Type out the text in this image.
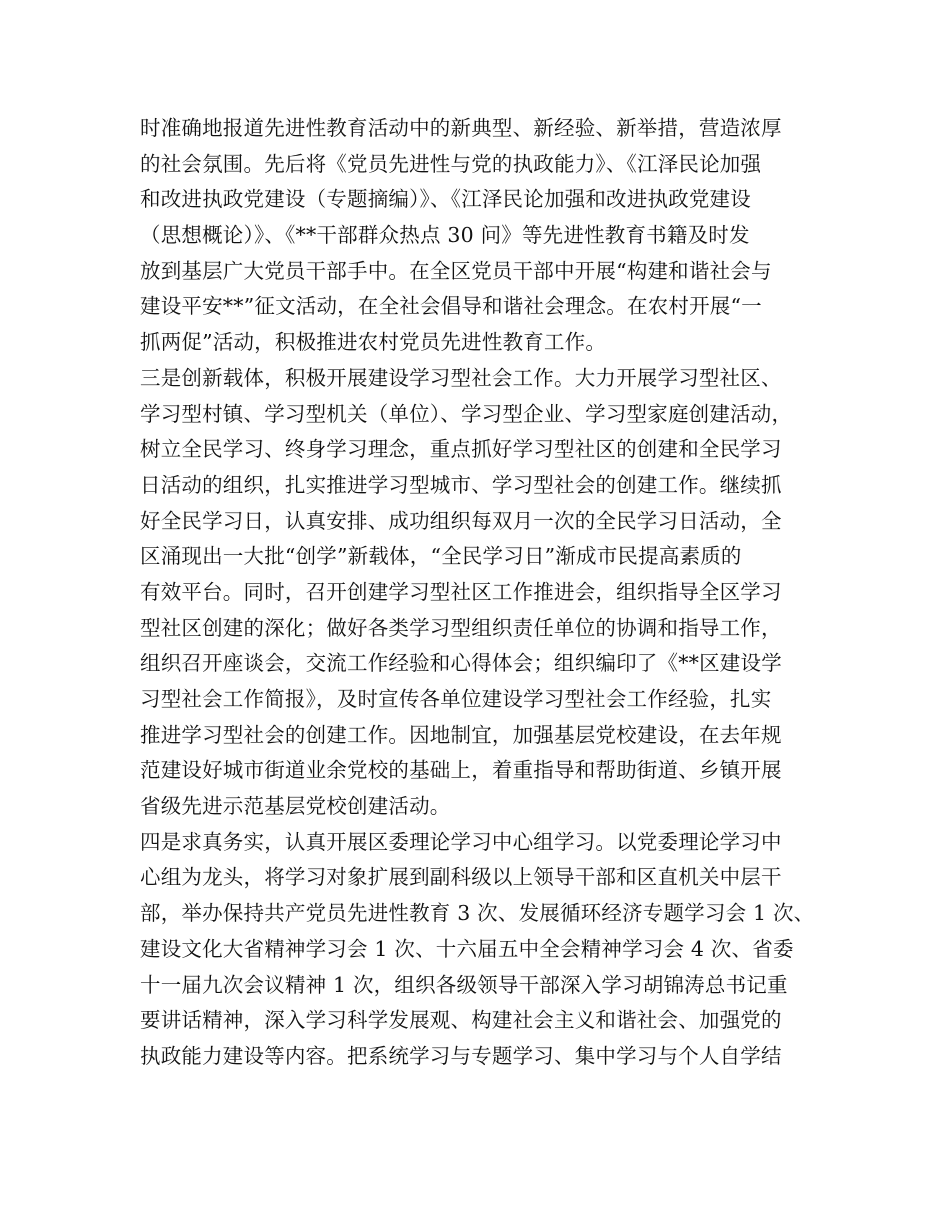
时准确地报道先进性教育活动中的新典型、新经验、新举措，营造浓厚
的社会氛围。先后将《党员先进性与党的执政能力》、《江泽民论加强
和改进执政党建设（专题摘编）》、《江泽民论加强和改进执政党建设
（思想概论）》、《**干部群众热点 30 问》等先进性教育书籍及时发
放到基层广大党员干部手中。在全区党员干部中开展“构建和谐社会与
建设平安**”征文活动，在全社会倡导和谐社会理念。在农村开展“一
抓两促”活动，积极推进农村党员先进性教育工作。
三是创新载体，积极开展建设学习型社会工作。大力开展学习型社区、
学习型村镇、学习型机关（单位）、学习型企业、学习型家庭创建活动，
树立全民学习、终身学习理念，重点抓好学习型社区的创建和全民学习
日活动的组织，扎实推进学习型城市、学习型社会的创建工作。继续抓
好全民学习日，认真安排、成功组织每双月一次的全民学习日活动，全
区涌现出一大批“创学”新载体，“全民学习日”渐成市民提高素质的
有效平台。同时，召开创建学习型社区工作推进会，组织指导全区学习
型社区创建的深化；做好各类学习型组织责任单位的协调和指导工作，
组织召开座谈会，交流工作经验和心得体会；组织编印了《**区建设学
习型社会工作简报》，及时宣传各单位建设学习型社会工作经验，扎实
推进学习型社会的创建工作。因地制宜，加强基层党校建设，在去年规
范建设好城市街道业余党校的基础上，着重指导和帮助街道、乡镇开展
省级先进示范基层党校创建活动。
四是求真务实，认真开展区委理论学习中心组学习。以党委理论学习中
心组为龙头，将学习对象扩展到副科级以上领导干部和区直机关中层干
部，举办保持共产党员先进性教育 3 次、发展循环经济专题学习会 1 次、
建设文化大省精神学习会 1 次、十六届五中全会精神学习会 4 次、省委
十一届九次会议精神 1 次，组织各级领导干部深入学习胡锦涛总书记重
要讲话精神，深入学习科学发展观、构建社会主义和谐社会、加强党的
执政能力建设等内容。把系统学习与专题学习、集中学习与个人自学结
